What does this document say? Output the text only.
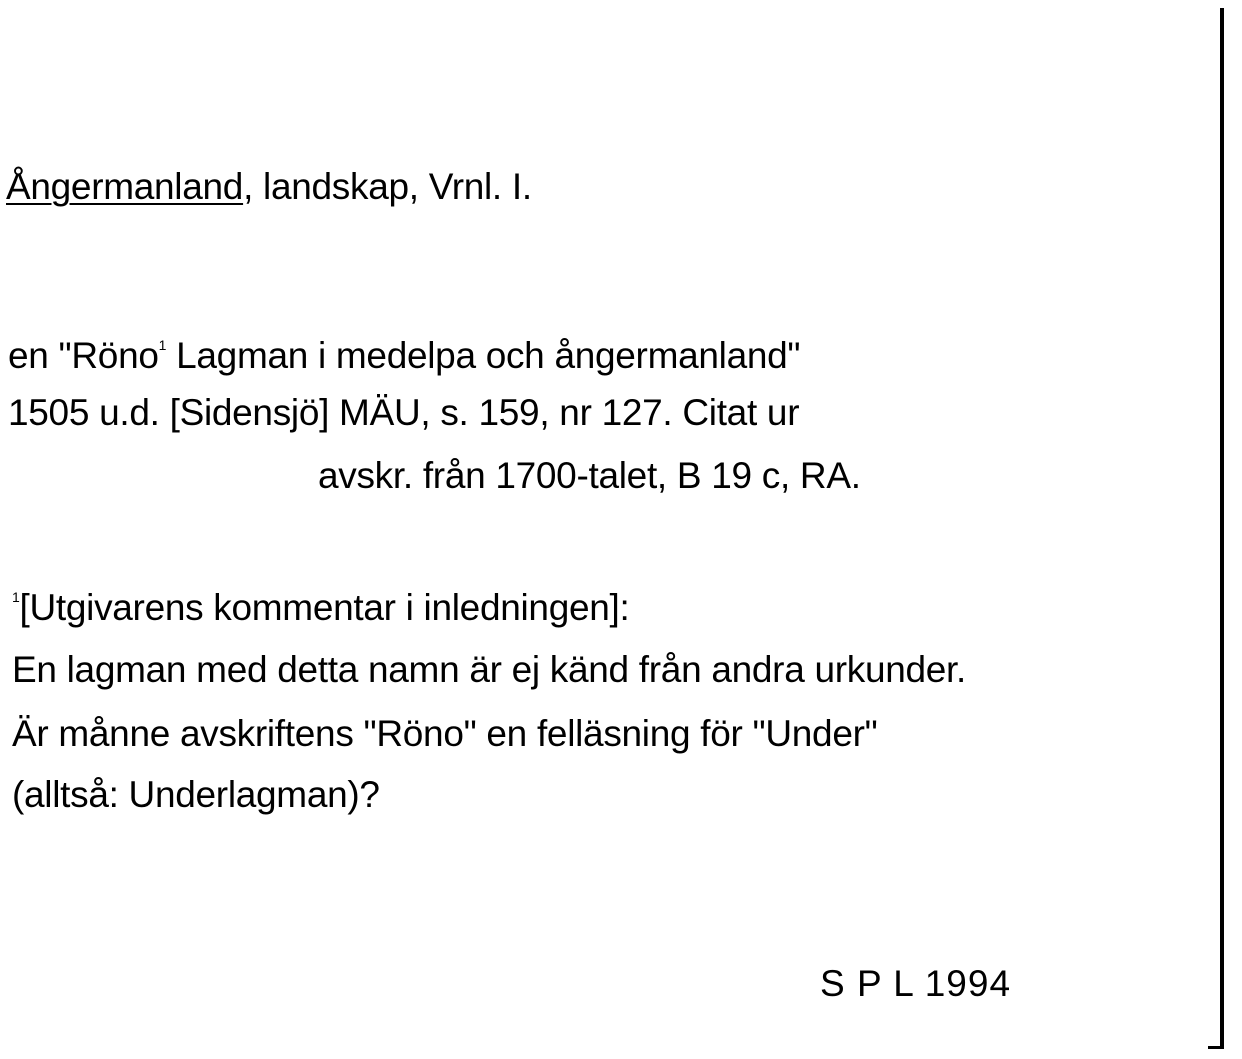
Ångermanland, landskap, Vrnl. I.
en "Röno$^1$ Lagman i medelpa och ångermanland"
1505 u.d. [Sidensjö] MÄU, s. 159, nr 127. Citat ur
avskr. från 1700-talet, B 19 c, RA.
$^1$[Utgivarens kommentar i inledningen]:
En lagman med detta namn är ej känd från andra urkunder.
Är månne avskriftens "Röno" en felläsning för "Under"
(alltså: Underlagman)?
S P L 1994
